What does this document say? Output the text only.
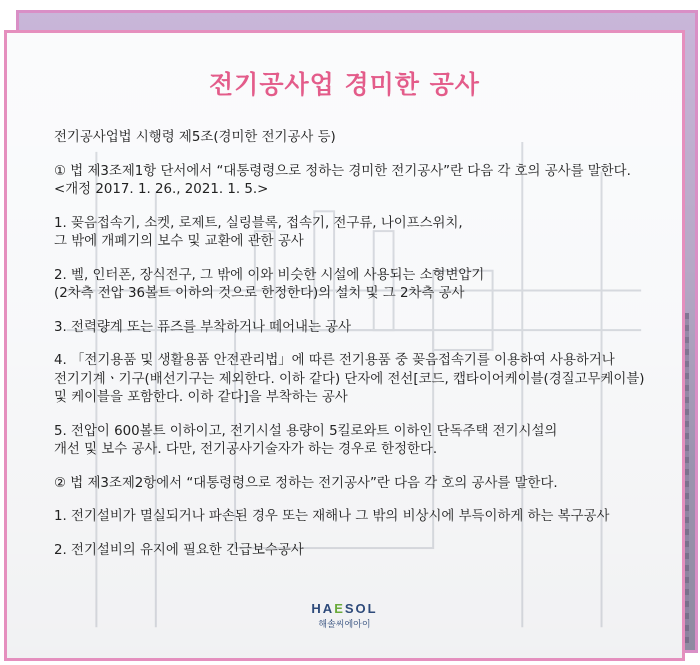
전기공사업 경미한 공사

전기공사업법 시행령 제5조(경미한 전기공사 등)

① 법 제3조제1항 단서에서 “대통령령으로 정하는 경미한 전기공사”란 다음 각 호의 공사를 말한다.
<개정 2017. 1. 26., 2021. 1. 5.>

1. 꽂음접속기, 소켓, 로제트, 실링블록, 접속기, 전구류, 나이프스위치,
그 밖에 개폐기의 보수 및 교환에 관한 공사

2. 벨, 인터폰, 장식전구, 그 밖에 이와 비슷한 시설에 사용되는 소형변압기
(2차측 전압 36볼트 이하의 것으로 한정한다)의 설치 및 그 2차측 공사

3. 전력량계 또는 퓨즈를 부착하거나 떼어내는 공사

4. 「전기용품 및 생활용품 안전관리법」에 따른 전기용품 중 꽂음접속기를 이용하여 사용하거나
전기기계ㆍ기구(배선기구는 제외한다. 이하 같다) 단자에 전선[코드, 캡타이어케이블(경질고무케이블)
및 케이블을 포함한다. 이하 같다]을 부착하는 공사

5. 전압이 600볼트 이하이고, 전기시설 용량이 5킬로와트 이하인 단독주택 전기시설의
개선 및 보수 공사. 다만, 전기공사기술자가 하는 경우로 한정한다.

② 법 제3조제2항에서 “대통령령으로 정하는 전기공사”란 다음 각 호의 공사를 말한다.

1. 전기설비가 멸실되거나 파손된 경우 또는 재해나 그 밖의 비상시에 부득이하게 하는 복구공사

2. 전기설비의 유지에 필요한 긴급보수공사

HAESOL
해솔씨에아이
